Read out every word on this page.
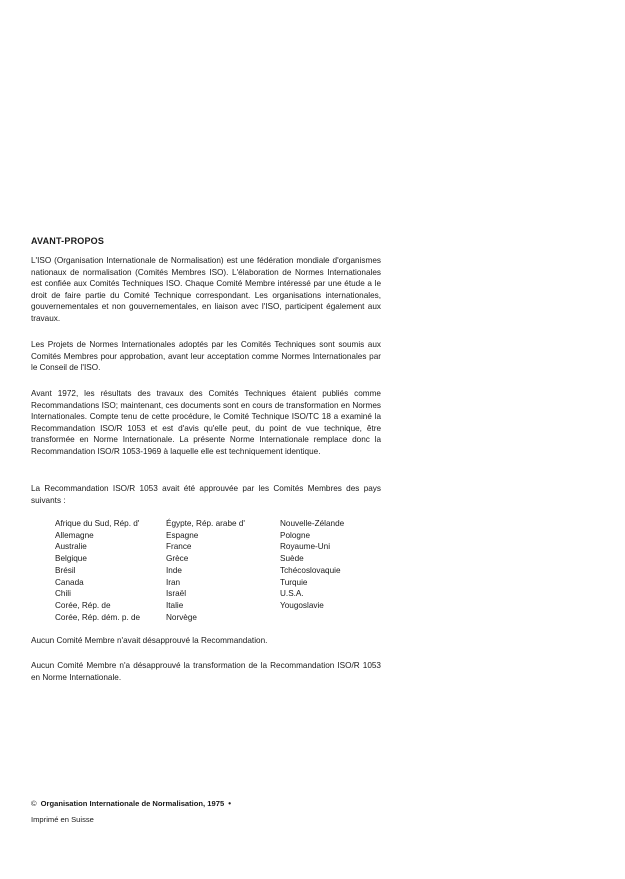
AVANT-PROPOS

L'ISO (Organisation Internationale de Normalisation) est une fédération mondiale d'organismes nationaux de normalisation (Comités Membres ISO). L'élaboration de Normes Internationales est confiée aux Comités Techniques ISO. Chaque Comité Membre intéressé par une étude a le droit de faire partie du Comité Technique correspondant. Les organisations internationales, gouvernementales et non gouvernementales, en liaison avec l'ISO, participent également aux travaux.

Les Projets de Normes Internationales adoptés par les Comités Techniques sont soumis aux Comités Membres pour approbation, avant leur acceptation comme Normes Internationales par le Conseil de l'ISO.

Avant 1972, les résultats des travaux des Comités Techniques étaient publiés comme Recommandations ISO; maintenant, ces documents sont en cours de transformation en Normes Internationales. Compte tenu de cette procédure, le Comité Technique ISO/TC 18 a examiné la Recommandation ISO/R 1053 et est d'avis qu'elle peut, du point de vue technique, être transformée en Norme Internationale. La présente Norme Internationale remplace donc la Recommandation ISO/R 1053-1969 à laquelle elle est techniquement identique.

La Recommandation ISO/R 1053 avait été approuvée par les Comités Membres des pays suivants :

Afrique du Sud, Rép. d'
Allemagne
Australie
Belgique
Brésil
Canada
Chili
Corée, Rép. de
Corée, Rép. dém. p. de
Égypte, Rép. arabe d'
Espagne
France
Grèce
Inde
Iran
Israël
Italie
Norvège
Nouvelle-Zélande
Pologne
Royaume-Uni
Suède
Tchécoslovaquie
Turquie
U.S.A.
Yougoslavie

Aucun Comité Membre n'avait désapprouvé la Recommandation.

Aucun Comité Membre n'a désapprouvé la transformation de la Recommandation ISO/R 1053 en Norme Internationale.

© Organisation Internationale de Normalisation, 1975 •
Imprimé en Suisse
